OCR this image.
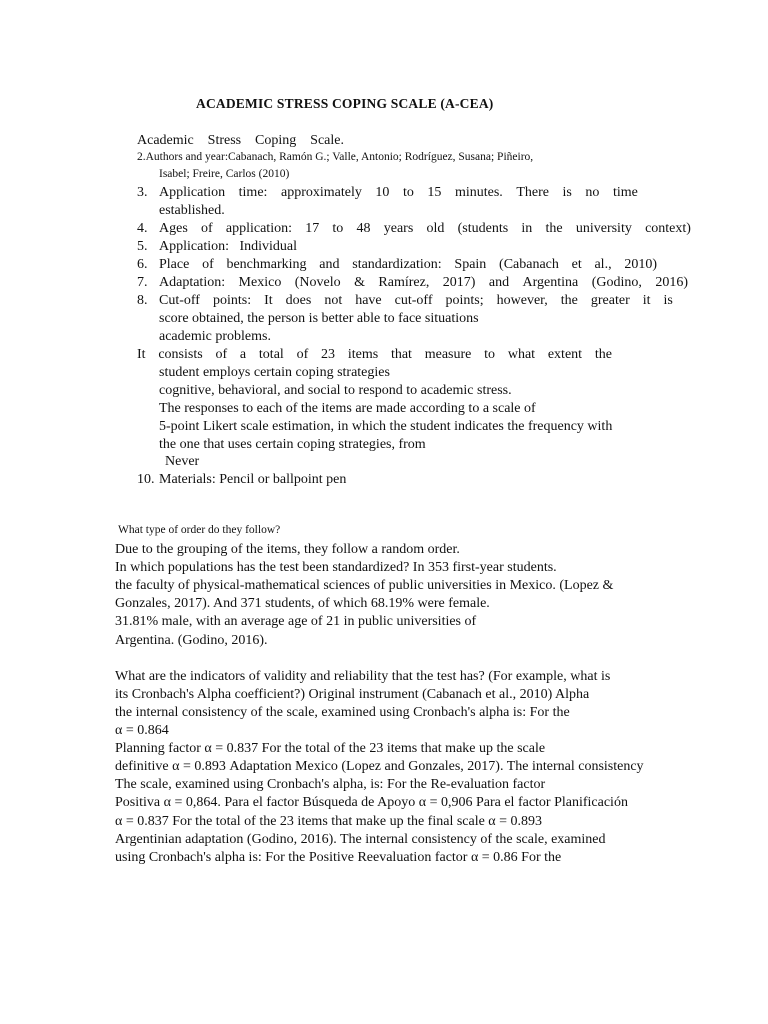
ACADEMIC STRESS COPING SCALE (A-CEA)
Academic Stress Coping Scale.
2.Authors and year:Cabanach, Ramón G.; Valle, Antonio; Rodríguez, Susana; Piñeiro,
Isabel; Freire, Carlos (2010)
3. Application time: approximately 10 to 15 minutes. There is no time
established.
4. Ages of application: 17 to 48 years old (students in the university context)
5. Application:   Individual
6. Place of benchmarking and standardization: Spain (Cabanach et al., 2010)
7. Adaptation: Mexico (Novelo & Ramírez, 2017) and Argentina (Godino, 2016)
8. Cut-off points: It does not have cut-off points; however, the greater it is
score obtained, the person is better able to face situations
academic problems.
It consists of a total of 23 items that measure to what extent the
student employs certain coping strategies
cognitive, behavioral, and social to respond to academic stress.
The responses to each of the items are made according to a scale of
5-point Likert scale estimation, in which the student indicates the frequency with
the one that uses certain coping strategies, from
Never
10. Materials: Pencil or ballpoint pen
What type of order do they follow?
Due to the grouping of the items, they follow a random order.
In which populations has the test been standardized? In 353 first-year students.
the faculty of physical-mathematical sciences of public universities in Mexico. (Lopez &
Gonzales, 2017). And 371 students, of which 68.19% were female.
31.81% male, with an average age of 21 in public universities of
Argentina. (Godino, 2016).
What are the indicators of validity and reliability that the test has? (For example, what is
its Cronbach's Alpha coefficient?) Original instrument (Cabanach et al., 2010) Alpha
the internal consistency of the scale, examined using Cronbach's alpha is: For the
α = 0.864
Planning factor α = 0.837 For the total of the 23 items that make up the scale
definitive α = 0.893 Adaptation Mexico (Lopez and Gonzales, 2017). The internal consistency
The scale, examined using Cronbach's alpha, is: For the Re-evaluation factor
Positiva α = 0,864. Para el factor Búsqueda de Apoyo α = 0,906 Para el factor Planificación
α = 0.837 For the total of the 23 items that make up the final scale α = 0.893
Argentinian adaptation (Godino, 2016). The internal consistency of the scale, examined
using Cronbach's alpha is: For the Positive Reevaluation factor α = 0.86 For the
